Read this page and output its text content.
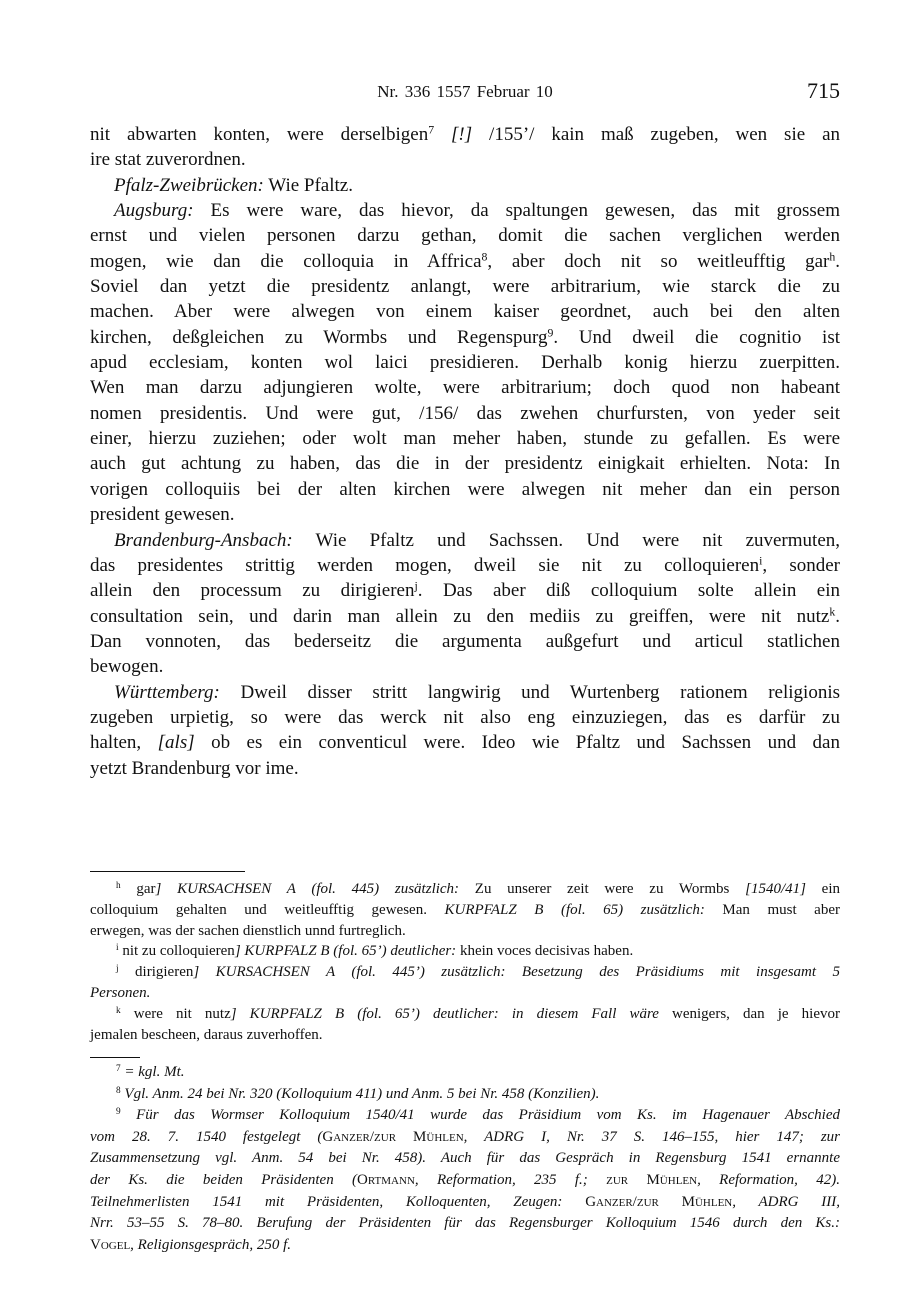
Nr. 336 1557 Februar 10	715
nit abwarten konten, were derselbigen$^7$ [!] /155’/ kain maß zugeben, wen sie an
ire stat zuverordnen.
Pfalz-Zweibrücken: Wie Pfaltz.
Augsburg: Es were ware, das hievor, da spaltungen gewesen, das mit grossem
ernst und vielen personen darzu gethan, domit die sachen verglichen werden
mogen, wie dan die colloquia in Affrica$^8$, aber doch nit so weitleufftig gar$^h$.
Soviel dan yetzt die presidentz anlangt, were arbitrarium, wie starck die zu
machen. Aber were alwegen von einem kaiser geordnet, auch bei den alten
kirchen, deßgleichen zu Wormbs und Regenspurg$^9$. Und dweil die cognitio ist
apud ecclesiam, konten wol laici presidieren. Derhalb konig hierzu zuerpitten.
Wen man darzu adjungieren wolte, were arbitrarium; doch quod non habeant
nomen presidentis. Und were gut, /156/ das zwehen churfursten, von yeder seit
einer, hierzu zuziehen; oder wolt man meher haben, stunde zu gefallen. Es were
auch gut achtung zu haben, das die in der presidentz einigkait erhielten. Nota: In
vorigen colloquiis bei der alten kirchen were alwegen nit meher dan ein person
president gewesen.
Brandenburg-Ansbach: Wie Pfaltz und Sachssen. Und were nit zuvermuten,
das presidentes strittig werden mogen, dweil sie nit zu colloquieren$^i$, sonder
allein den processum zu dirigieren$^j$. Das aber diß colloquium solte allein ein
consultation sein, und darin man allein zu den mediis zu greiffen, were nit nutz$^k$.
Dan vonnoten, das bederseitz die argumenta außgefurt und articul statlichen
bewogen.
Württemberg: Dweil disser stritt langwirig und Wurtenberg rationem religionis
zugeben urpietig, so were das werck nit also eng einzuziegen, das es darfür zu
halten, [als] ob es ein conventicul were. Ideo wie Pfaltz und Sachssen und dan
yetzt Brandenburg vor ime.
$^h$ gar] KURSACHSEN A (fol. 445) zusätzlich: Zu unserer zeit were zu Wormbs [1540/41] ein
colloquium gehalten und weitleufftig gewesen. KURPFALZ B (fol. 65) zusätzlich: Man must aber
erwegen, was der sachen dienstlich unnd furtreglich.
$^i$ nit zu colloquieren] KURPFALZ B (fol. 65’) deutlicher: khein voces decisivas haben.
$^j$ dirigieren] KURSACHSEN A (fol. 445’) zusätzlich: Besetzung des Präsidiums mit insgesamt 5
Personen.
$^k$ were nit nutz] KURPFALZ B (fol. 65’) deutlicher: in diesem Fall wäre wenigers, dan je hievor
jemalen bescheen, daraus zuverhoffen.
$^7$ = kgl. Mt.
$^8$ Vgl. Anm. 24 bei Nr. 320 (Kolloquium 411) und Anm. 5 bei Nr. 458 (Konzilien).
$^9$ Für das Wormser Kolloquium 1540/41 wurde das Präsidium vom Ks. im Hagenauer Abschied
vom 28. 7. 1540 festgelegt (Ganzer/zur Mühlen, ADRG I, Nr. 37 S. 146–155, hier 147; zur
Zusammensetzung vgl. Anm. 54 bei Nr. 458). Auch für das Gespräch in Regensburg 1541 ernannte
der Ks. die beiden Präsidenten (Ortmann, Reformation, 235 f.; zur Mühlen, Reformation, 42).
Teilnehmerlisten 1541 mit Präsidenten, Kolloquenten, Zeugen: Ganzer/zur Mühlen, ADRG III,
Nrr. 53–55 S. 78–80. Berufung der Präsidenten für das Regensburger Kolloquium 1546 durch den Ks.:
Vogel, Religionsgespräch, 250 f.
